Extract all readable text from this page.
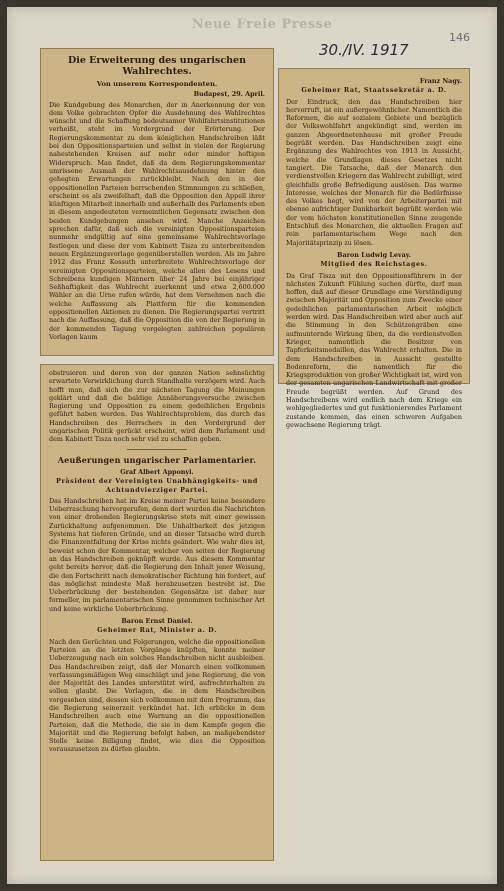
Neue Freie Presse
30./IV. 1917
146
Die Erweiterung des ungarischen Wahlrechtes.
Von unserem Korrespondenten.
Budapest, 29. April.

Die Kundgebung des Monarchen, der in Anerkennung der von dem Volke gebrachten Opfer die Ausdehnung des Wahlrechtes wünscht und die Schaffung bedeutsamer Wohlfahrtsinstitutionen verheißt, steht im Vordergrund der Erörterung. Der Regierungskommentar zu dem königlichen Handschreiben läßt bei den Oppositionsparteien und selbst in vielen der Regierung nahestehenden Kreisen auf mehr oder minder heftigen Widerspruch. Man findet, daß da dem Regierungskommentar umrissene Ausmaß der Wahlrechtsausdehnung hinter den gehegten Erwartungen zurückbleibt. Nach den in der oppositionellen Parteien herrschenden Stimmungen zu schließen, erscheint es als zweifelhaft, daß die Opposition den Appell ihrer künftigen Mitarbeit innerhalb und außerhalb des Parlaments eben in diesem angedeuteten vermeintlichen Gegensatz zwischen den beiden Kundgebungen ansehen wird. Manche Anzeichen sprechen dafür, daß sich die vereinigten Oppositionsparteien nunmehr endgültig auf eine gemeinsame Wahlrechtsvorlage festlegen und diese der vom Kabinett Tisza zu unterbreitenden neuen Ergänzungsvorlage gegenüberstellen werden. Als im Jahre 1912 das Franz Kossuth unterbreitete Wahlrechtsvorlage der vereinigten Oppositionsparteien, welche allen des Lesens und Schreibens kundigen Männern über 24 Jahre bei einjähriger Seßhaftigkeit das Wahlrecht zuerkennt und etwa 2,600.000 Wähler an die Urne rufen würde, hat dem Vernehmen nach die welche Auffassung als Plattform für die kommenden oppositionellen Aktionen zu dienen. Die Regierungspartei vertritt nach die Auffassung, daß die Opposition die von der Regierung in der kommenden Tagung vorgelegten zahlreichen populären Vorlagen kaum

obstruieren und deren von der ganzen Nation sehnsüchtig erwartete Verwirklichung durch Standhalte verzögern wird. Auch hofft man, daß sich die zur nächsten Tagung die Meinungen geklärt und daß die baldige Annäherungsversuche zwischen Regierung und Opposition zu einem gedeihlichen Ergebnis geführt haben werden. Das Wahlrechtsproblem, das durch das Handschreiben des Herrschers in den Vordergrund der ungarischen Politik gerückt erscheint, wird dem Parlament und dem Kabinett Tisza noch sehr viel zu schaffen geben.

Aeußerungen ungarischer Parlamentarier.
Graf Albert Apponyi.
Präsident der Vereinigten Unabhängigkeits- und Achtundvierziger Partei.

Das Handschreiben hat im Kreise meiner Partei keine besondere Ueberraschung hervorgerufen, denn dort wurden die Nachrichten von einer drohenden Regierungskrise stets mit einer gewissen Zurückhaltung aufgenommen. Die Unhaltbarkeit des jetzigen Systems hat tieferen Gründe, und an dieser Tatsache wird durch die Finanzentfaltung der Krise nichts geändert. Wie wahr dies ist, beweist schon der Kommentar, welcher von seiten der Regierung an das Handschreiben geknüpft wurde. Aus diesem Kommentar geht bereits hervor, daß die Regierung den Inhalt jener Weisung, die den Fortschritt nach demokratischer Richtung hin fordert, auf das möglichst mindeste Maß herabzusetzen bestrebt ist. Die Ueberbrückung der bestehenden Gegensätze ist daher nur formeller, im parlamentarischen Sinne genommen technischer Art und keine wirkliche Ueberbrückung.

Baron Ernst Daniel.
Geheimer Rat, Minister a. D.

Nach den Gerüchten und Folgerungen, welche die oppositionellen Parteien an die letzten Vorgänge knüpften, konnte meiner Ueberzeugung nach ein solches Handschreiben nicht ausbleiben. Das Handschreiben zeigt, daß der Monarch einen vollkommen verfassungsmäßigen Weg einschlägt und jene Regierung, die von der Majorität des Landes unterstützt wird, aufrechterhalten zu sollen glaubt. Die Vorlagen, die in dem Handschreiben vorgesehen sind, dessen sich vollkommen mit dem Programm, das die Regierung seinerzeit verkündet hat. Ich erblicke in dem Handschreiben auch eine Warnung an die oppositionellen Parteien, daß die Methode, die sie in dem Kampfe gegen die Majorität und die Regierung befolgt haben, an maßgebendster Stelle keine Billigung findet, wie dies die Opposition vorauszusetzen zu dürfen glaubte.

Franz Nagy.
Geheimer Rat, Staatssekretär a. D.

Der Eindruck, den das Handschreiben hier hervorruft, ist ein außergewöhnlicher. Namentlich die Reformen, die auf sozialem Gebiete und bezüglich der Volkswohlfahrt angekündigt sind, werden im ganzen Abgeordnetenhause mit großer Freude begrüßt werden. Das Handschreiben zeigt eine Ergänzung des Wahlrechtes von 1913 in Aussicht, welche die Grundlagen dieses Gesetzes nicht tangiert. Die Tatsache, daß der Monarch den verdienstvollen Kriegern das Wahlrecht zubilligt, wird gleichfalls große Befriedigung auslösen. Das warme Interesse, welches der Monarch für die Bedürfnisse des Volkes hegt, wird von der Arbeiterpartei mit ebenso aufrichtiger Dankbarkeit begrüßt werden wie der vom höchsten konstitutionellen Sinne zeugende Entschluß des Monarchen, die aktuellen Fragen auf rein parlamentarischem Wege nach den Majoritätsprinzip zu lösen.

Baron Ludwig Levay.
Mitglied des Reichstages.

Da Graf Tisza mit den Oppositionsführern in der nächsten Zukunft Fühlung suchen dürfte, darf man hoffen, daß auf dieser Grundlage eine Verständigung zwischen Majorität und Opposition zum Zwecke einer gedeihlichen parlamentarischen Arbeit möglich werden wird. Das Handschreiben wird aber auch auf die Stimmung in den Schützengräben eine aufmunternde Wirkung üben, da die verdienstvollen Krieger, namentlich die Besitzer von Tapferkeitsmedaillen, das Wahlrecht erhalten. Die in dem Handschreiben in Aussicht gestellte Bodenreform, die namentlich für die Kriegsproduktion von großer Wichtigkeit ist, wird von der gesamten ungarischen Landwirtschaft mit großer Freude begrüßt werden. Auf Grund des Handschreibens wird endlich nach dem Kriege ein wohlgegliedertes und gut funktionierendes Parlament zustande kommen, das einen schweren Aufgaben gewachsene Regierung trägt.
